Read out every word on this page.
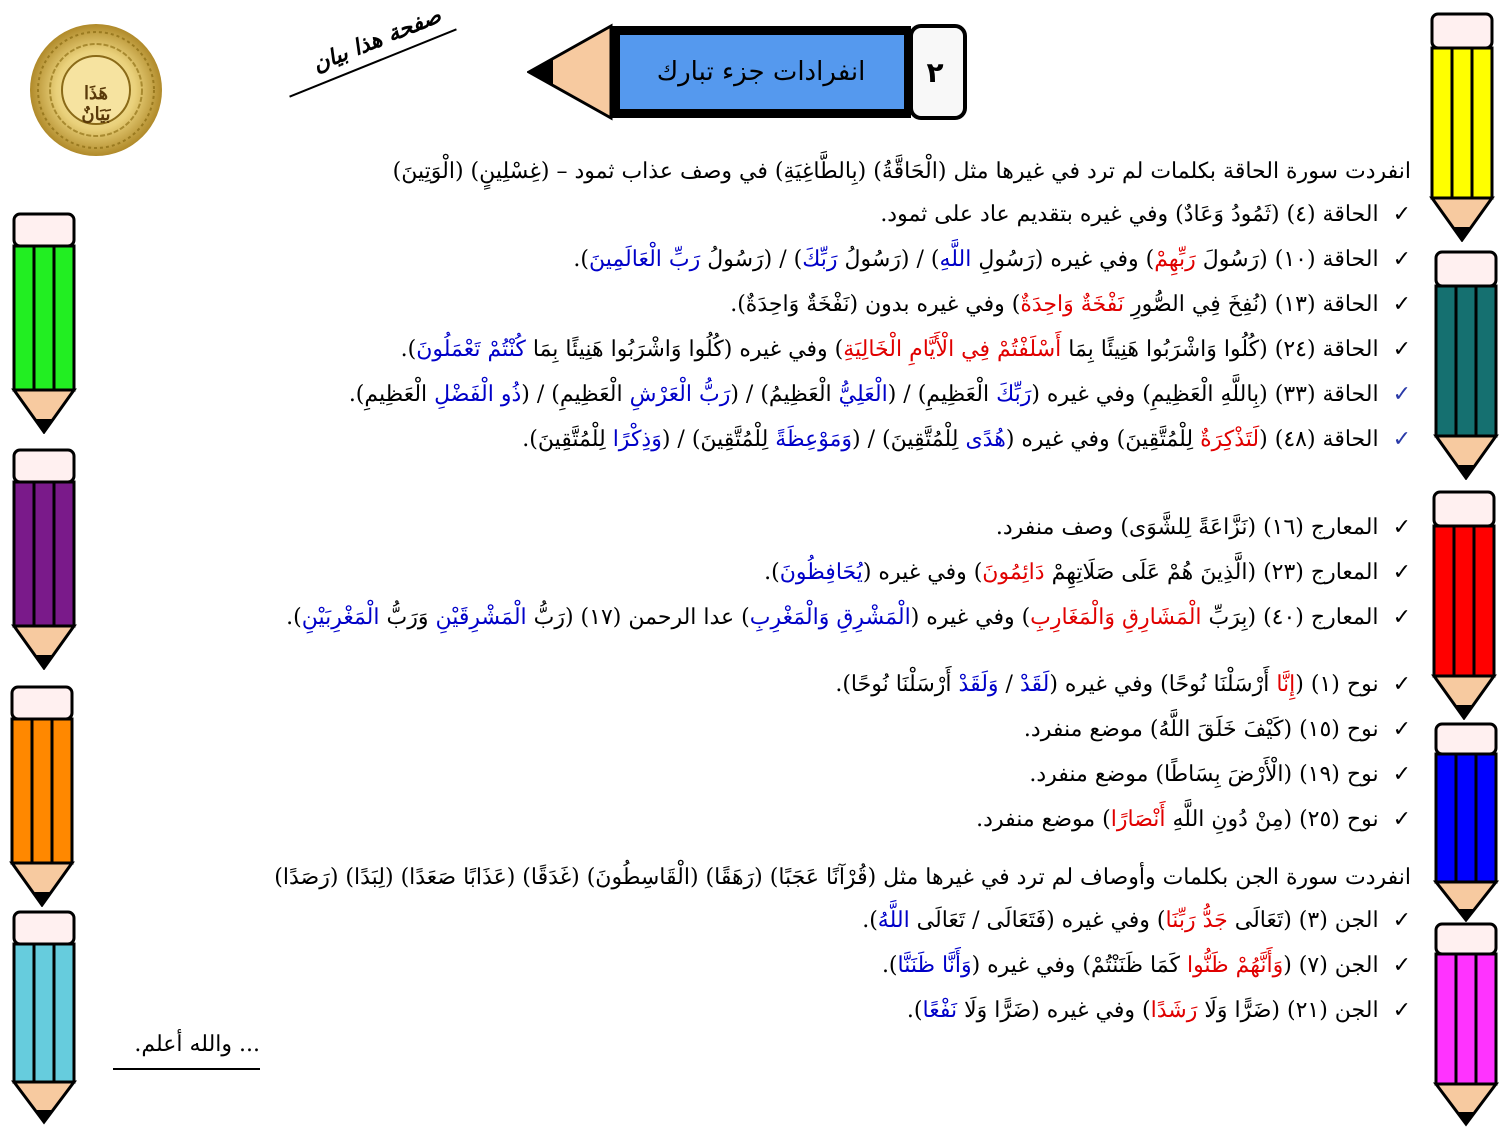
هَذَا
بَيَانٌ
صفحة هذا بيان	انفرادات جزء تبارك	٢
انفردت سورة الحاقة بكلمات لم ترد في غيرها مثل (الْحَاقَّةُ) (بِالطَّاغِيَةِ) في وصف عذاب ثمود – (غِسْلِينٍ) (الْوَتِينَ)
✓الحاقة (٤) (ثَمُودُ وَعَادٌ) وفي غيره بتقديم عاد على ثمود.
✓الحاقة (١٠) (رَسُولَ رَبِّهِمْ) وفي غيره (رَسُولِ اللَّهِ) / (رَسُولُ رَبِّكَ) / (رَسُولُ رَبِّ الْعَالَمِينَ).
✓الحاقة (١٣) (نُفِخَ فِي الصُّورِ نَفْخَةٌ وَاحِدَةٌ) وفي غيره بدون (نَفْخَةٌ وَاحِدَةٌ).
✓الحاقة (٢٤) (كُلُوا وَاشْرَبُوا هَنِيئًا بِمَا أَسْلَفْتُمْ فِي الْأَيَّامِ الْخَالِيَةِ) وفي غيره (كُلُوا وَاشْرَبُوا هَنِيئًا بِمَا كُنْتُمْ تَعْمَلُونَ).
✓الحاقة (٣٣) (بِاللَّهِ الْعَظِيمِ) وفي غيره (رَبِّكَ الْعَظِيمِ) / (الْعَلِيُّ الْعَظِيمُ) / (رَبُّ الْعَرْشِ الْعَظِيمِ) / (ذُو الْفَضْلِ الْعَظِيمِ).
✓الحاقة (٤٨) (لَتَذْكِرَةٌ لِلْمُتَّقِينَ) وفي غيره (هُدًى لِلْمُتَّقِينَ) / (وَمَوْعِظَةً لِلْمُتَّقِينَ) / (وَذِكْرًا لِلْمُتَّقِينَ).
✓المعارج (١٦) (نَزَّاعَةً لِلشَّوَى) وصف منفرد.
✓المعارج (٢٣) (الَّذِينَ هُمْ عَلَى صَلَاتِهِمْ دَائِمُونَ) وفي غيره (يُحَافِظُونَ).
✓المعارج (٤٠) (بِرَبِّ الْمَشَارِقِ وَالْمَغَارِبِ) وفي غيره (الْمَشْرِقِ وَالْمَغْرِبِ) عدا الرحمن (١٧) (رَبُّ الْمَشْرِقَيْنِ وَرَبُّ الْمَغْرِبَيْنِ).
✓نوح (١) (إِنَّا أَرْسَلْنَا نُوحًا) وفي غيره (لَقَدْ / وَلَقَدْ أَرْسَلْنَا نُوحًا).
✓نوح (١٥) (كَيْفَ خَلَقَ اللَّهُ) موضع منفرد.
✓نوح (١٩) (الْأَرْضَ بِسَاطًا) موضع منفرد.
✓نوح (٢٥) (مِنْ دُونِ اللَّهِ أَنْصَارًا) موضع منفرد.
انفردت سورة الجن بكلمات وأوصاف لم ترد في غيرها مثل (قُرْآنًا عَجَبًا) (رَهَقًا) (الْقَاسِطُونَ) (غَدَقًا) (عَذَابًا صَعَدًا) (لِبَدًا) (رَصَدًا)
✓الجن (٣) (تَعَالَى جَدُّ رَبِّنَا) وفي غيره (فَتَعَالَى / تَعَالَى اللَّهُ).
✓الجن (٧) (وَأَنَّهُمْ ظَنُّوا كَمَا ظَنَنْتُمْ) وفي غيره (وَأَنَّا ظَنَنَّا).
✓الجن (٢١) (ضَرًّا وَلَا رَشَدًا) وفي غيره (ضَرًّا وَلَا نَفْعًا).
... والله أعلم.
